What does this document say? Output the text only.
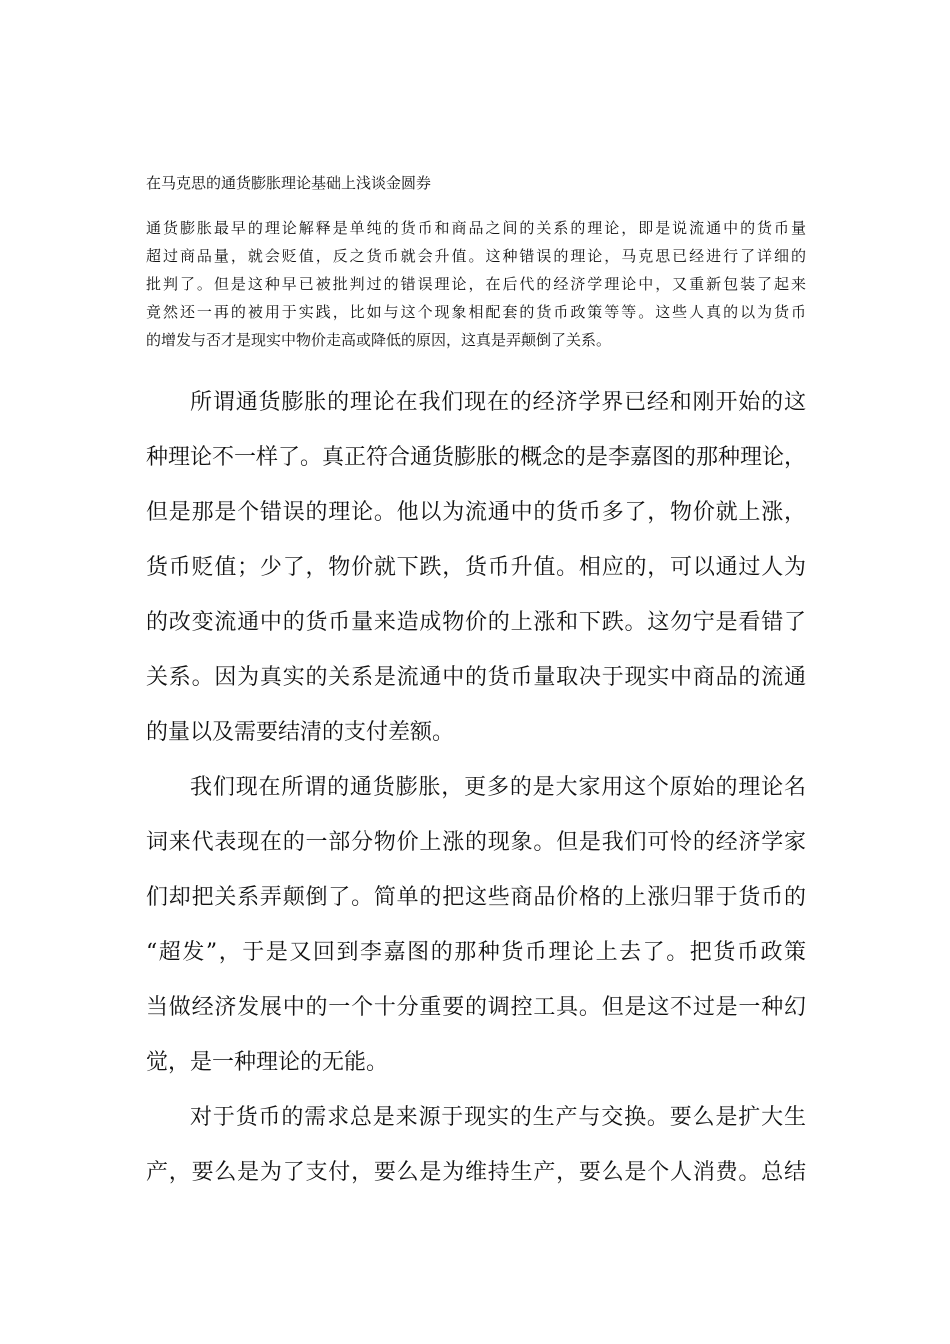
在马克思的通货膨胀理论基础上浅谈金圆券
通货膨胀最早的理论解释是单纯的货币和商品之间的关系的理论，即是说流通中的货币量
超过商品量，就会贬值，反之货币就会升值。这种错误的理论，马克思已经进行了详细的
批判了。但是这种早已被批判过的错误理论，在后代的经济学理论中，又重新包装了起来
竟然还一再的被用于实践，比如与这个现象相配套的货币政策等等。这些人真的以为货币
的增发与否才是现实中物价走高或降低的原因，这真是弄颠倒了关系。
所谓通货膨胀的理论在我们现在的经济学界已经和刚开始的这
种理论不一样了。真正符合通货膨胀的概念的是李嘉图的那种理论，
但是那是个错误的理论。他以为流通中的货币多了，物价就上涨，
货币贬值；少了，物价就下跌，货币升值。相应的，可以通过人为
的改变流通中的货币量来造成物价的上涨和下跌。这勿宁是看错了
关系。因为真实的关系是流通中的货币量取决于现实中商品的流通
的量以及需要结清的支付差额。
我们现在所谓的通货膨胀，更多的是大家用这个原始的理论名
词来代表现在的一部分物价上涨的现象。但是我们可怜的经济学家
们却把关系弄颠倒了。简单的把这些商品价格的上涨归罪于货币的
“超发”，于是又回到李嘉图的那种货币理论上去了。把货币政策
当做经济发展中的一个十分重要的调控工具。但是这不过是一种幻
觉，是一种理论的无能。
对于货币的需求总是来源于现实的生产与交换。要么是扩大生
产，要么是为了支付，要么是为维持生产，要么是个人消费。总结
